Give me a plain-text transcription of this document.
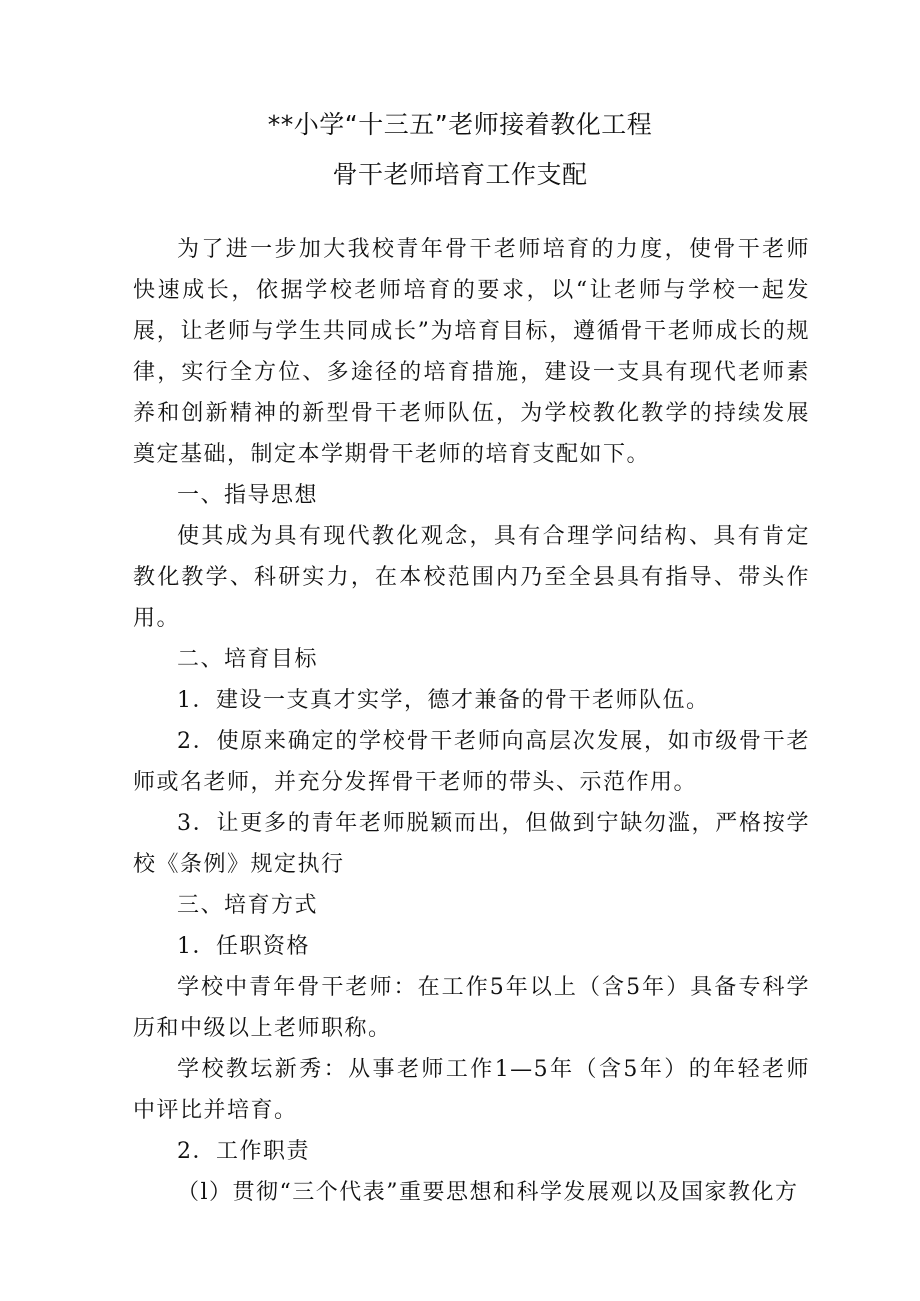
**小学“十三五”老师接着教化工程
骨干老师培育工作支配

为了进一步加大我校青年骨干老师培育的力度，使骨干老师快速成长，依据学校老师培育的要求，以“让老师与学校一起发展，让老师与学生共同成长”为培育目标，遵循骨干老师成长的规律，实行全方位、多途径的培育措施，建设一支具有现代老师素养和创新精神的新型骨干老师队伍，为学校教化教学的持续发展奠定基础，制定本学期骨干老师的培育支配如下。

一、指导思想

使其成为具有现代教化观念，具有合理学问结构、具有肯定教化教学、科研实力，在本校范围内乃至全县具有指导、带头作用。

二、培育目标

1．建设一支真才实学，德才兼备的骨干老师队伍。

2．使原来确定的学校骨干老师向高层次发展，如市级骨干老师或名老师，并充分发挥骨干老师的带头、示范作用。

3．让更多的青年老师脱颖而出，但做到宁缺勿滥，严格按学校《条例》规定执行

三、培育方式

1．任职资格

学校中青年骨干老师：在工作5年以上（含5年）具备专科学历和中级以上老师职称。

学校教坛新秀：从事老师工作1—5年（含5年）的年轻老师中评比并培育。

2．工作职责

（l）贯彻“三个代表”重要思想和科学发展观以及国家教化方
